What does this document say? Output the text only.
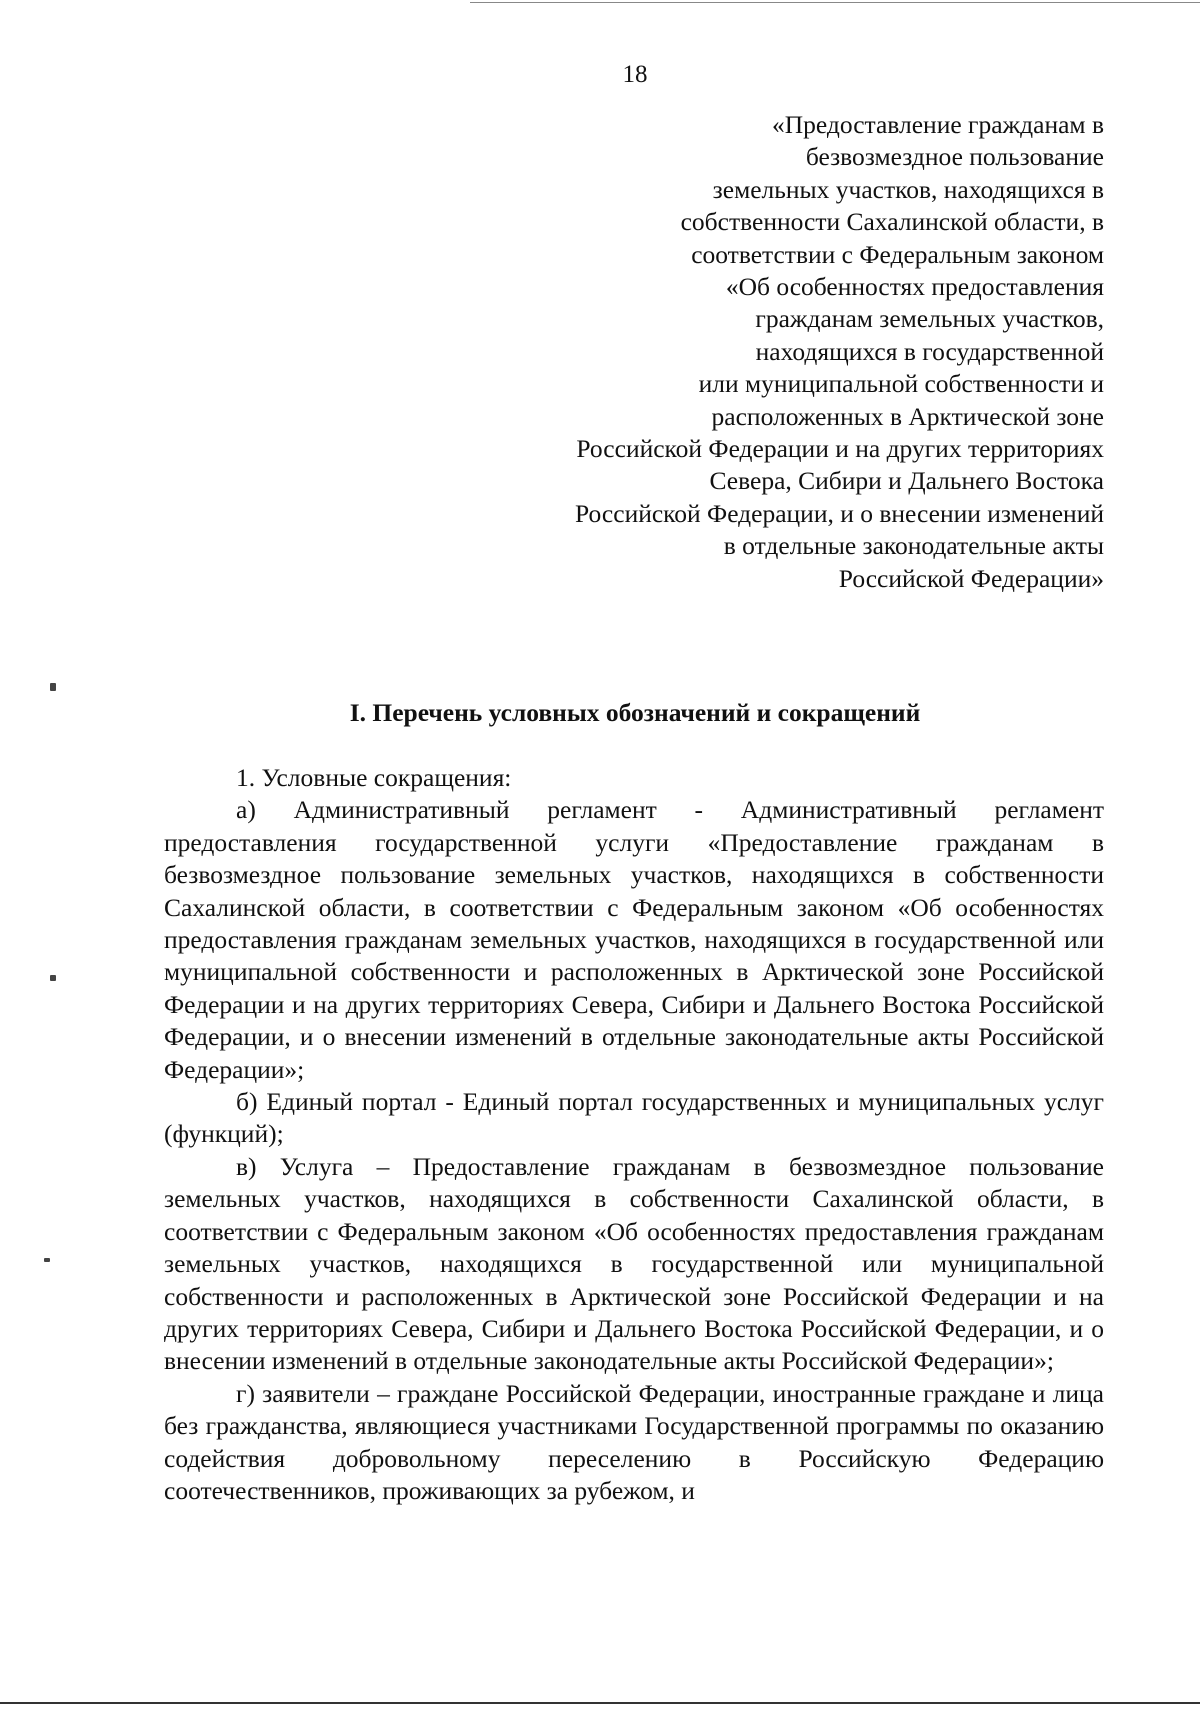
18
«Предоставление гражданам в
безвозмездное пользование
земельных участков, находящихся в
собственности Сахалинской области, в
соответствии с Федеральным законом
«Об особенностях предоставления
гражданам земельных участков,
находящихся в государственной
или муниципальной собственности и
расположенных в Арктической зоне
Российской Федерации и на других территориях
Севера, Сибири и Дальнего Востока
Российской Федерации, и о внесении изменений
в отдельные законодательные акты
Российской Федерации»
I. Перечень условных обозначений и сокращений

1. Условные сокращения:

а) Административный регламент - Административный регламент предоставления государственной услуги «Предоставление гражданам в безвозмездное пользование земельных участков, находящихся в собственности Сахалинской области, в соответствии с Федеральным законом «Об особенностях предоставления гражданам земельных участков, находящихся в государственной или муниципальной собственности и расположенных в Арктической зоне Российской Федерации и на других территориях Севера, Сибири и Дальнего Востока Российской Федерации, и о внесении изменений в отдельные законодательные акты Российской Федерации»;

б) Единый портал - Единый портал государственных и муниципальных услуг (функций);

в) Услуга – Предоставление гражданам в безвозмездное пользование земельных участков, находящихся в собственности Сахалинской области, в соответствии с Федеральным законом «Об особенностях предоставления гражданам земельных участков, находящихся в государственной или муниципальной собственности и расположенных в Арктической зоне Российской Федерации и на других территориях Севера, Сибири и Дальнего Востока Российской Федерации, и о внесении изменений в отдельные законодательные акты Российской Федерации»;

г) заявители – граждане Российской Федерации, иностранные граждане и лица без гражданства, являющиеся участниками Государственной программы по оказанию содействия добровольному переселению в Российскую Федерацию соотечественников, проживающих за рубежом, и
